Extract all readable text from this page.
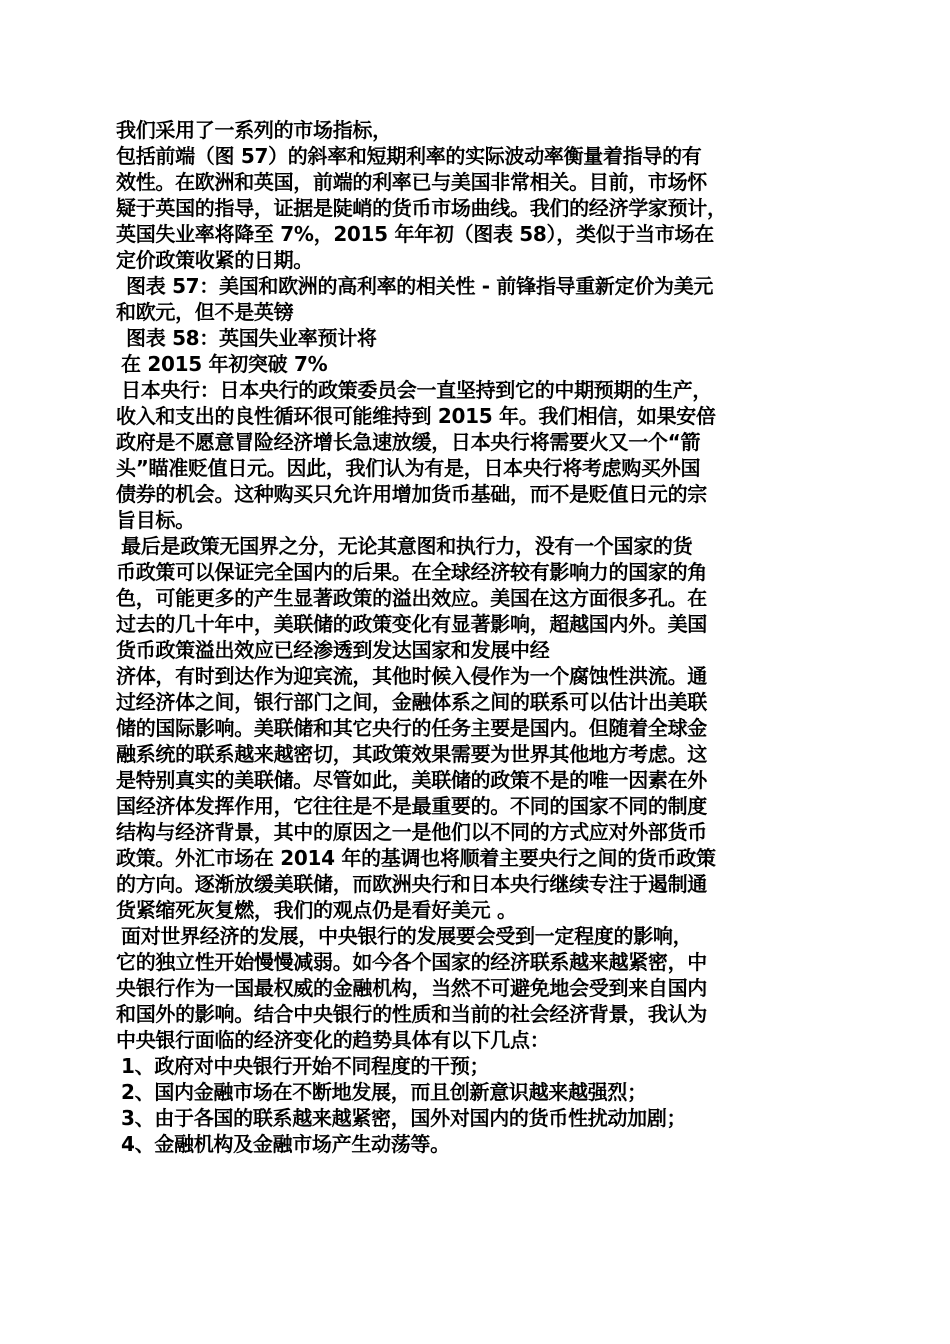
我们采用了一系列的市场指标，
包括前端（图 57）的斜率和短期利率的实际波动率衡量着指导的有
效性。在欧洲和英国，前端的利率已与美国非常相关。目前，市场怀
疑于英国的指导，证据是陡峭的货币市场曲线。我们的经济学家预计，
英国失业率将降至 7%，2015 年年初（图表 58），类似于当市场在
定价政策收紧的日期。
图表 57：美国和欧洲的高利率的相关性 - 前锋指导重新定价为美元
和欧元，但不是英镑
图表 58：英国失业率预计将
在 2015 年初突破 7%
日本央行：日本央行的政策委员会一直坚持到它的中期预期的生产，
收入和支出的良性循环很可能维持到 2015 年。我们相信，如果安倍
政府是不愿意冒险经济增长急速放缓，日本央行将需要火又一个“箭
头”瞄准贬值日元。因此，我们认为有是，日本央行将考虑购买外国
债券的机会。这种购买只允许用增加货币基础，而不是贬值日元的宗
旨目标。
最后是政策无国界之分，无论其意图和执行力，没有一个国家的货
币政策可以保证完全国内的后果。在全球经济较有影响力的国家的角
色，可能更多的产生显著政策的溢出效应。美国在这方面很多孔。在
过去的几十年中，美联储的政策变化有显著影响，超越国内外。美国
货币政策溢出效应已经渗透到发达国家和发展中经
济体，有时到达作为迎宾流，其他时候入侵作为一个腐蚀性洪流。通
过经济体之间，银行部门之间，金融体系之间的联系可以估计出美联
储的国际影响。美联储和其它央行的任务主要是国内。但随着全球金
融系统的联系越来越密切，其政策效果需要为世界其他地方考虑。这
是特别真实的美联储。尽管如此，美联储的政策不是的唯一因素在外
国经济体发挥作用，它往往是不是最重要的。不同的国家不同的制度
结构与经济背景，其中的原因之一是他们以不同的方式应对外部货币
政策。外汇市场在 2014 年的基调也将顺着主要央行之间的货币政策
的方向。逐渐放缓美联储，而欧洲央行和日本央行继续专注于遏制通
货紧缩死灰复燃，我们的观点仍是看好美元 。
面对世界经济的发展，中央银行的发展要会受到一定程度的影响，
它的独立性开始慢慢减弱。如今各个国家的经济联系越来越紧密，中
央银行作为一国最权威的金融机构，当然不可避免地会受到来自国内
和国外的影响。结合中央银行的性质和当前的社会经济背景，我认为
中央银行面临的经济变化的趋势具体有以下几点：
1、政府对中央银行开始不同程度的干预；
2、国内金融市场在不断地发展，而且创新意识越来越强烈；
3、由于各国的联系越来越紧密，国外对国内的货币性扰动加剧；
4、金融机构及金融市场产生动荡等。
